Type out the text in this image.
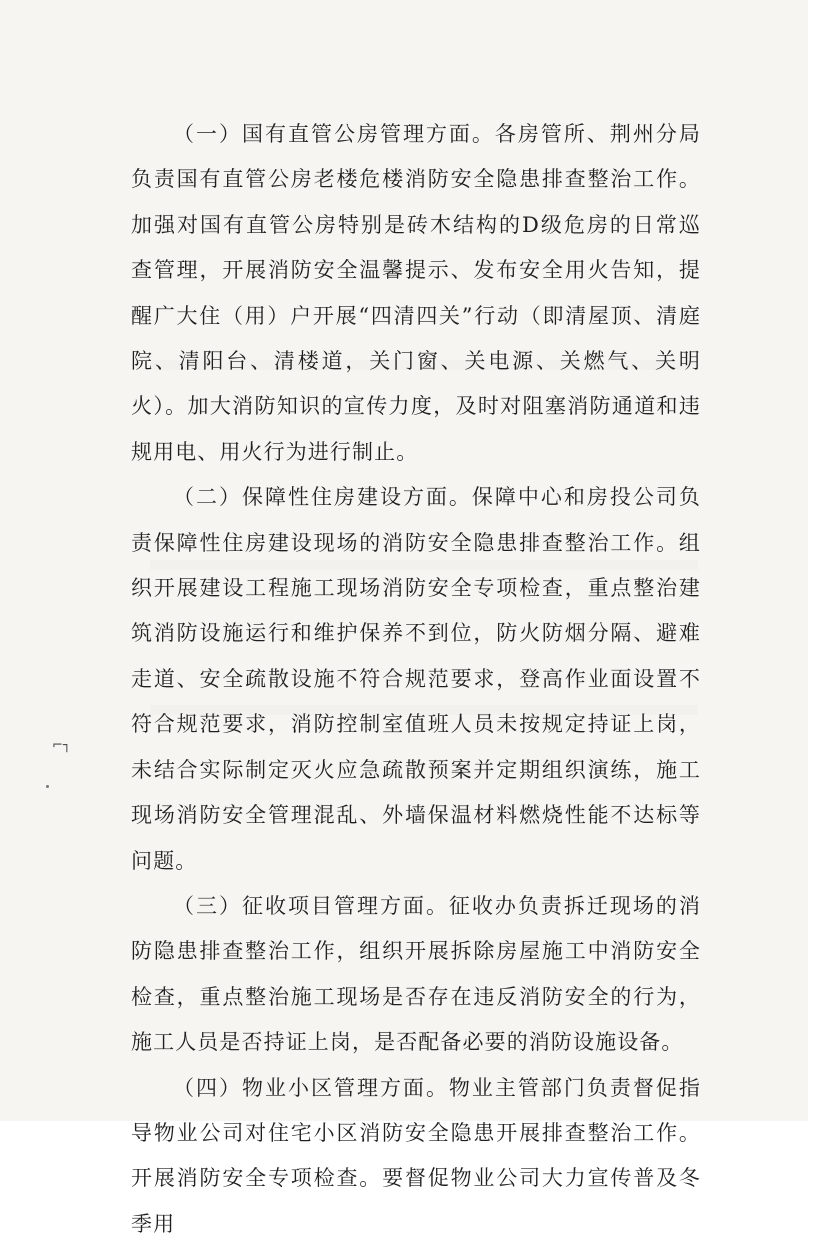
（一）国有直管公房管理方面。各房管所、荆州分局负责国有直管公房老楼危楼消防安全隐患排查整治工作。加强对国有直管公房特别是砖木结构的D级危房的日常巡查管理，开展消防安全温馨提示、发布安全用火告知，提醒广大住（用）户开展“四清四关”行动（即清屋顶、清庭院、清阳台、清楼道，关门窗、关电源、关燃气、关明火）。加大消防知识的宣传力度，及时对阻塞消防通道和违规用电、用火行为进行制止。

（二）保障性住房建设方面。保障中心和房投公司负责保障性住房建设现场的消防安全隐患排查整治工作。组织开展建设工程施工现场消防安全专项检查，重点整治建筑消防设施运行和维护保养不到位，防火防烟分隔、避难走道、安全疏散设施不符合规范要求，登高作业面设置不符合规范要求，消防控制室值班人员未按规定持证上岗，未结合实际制定灭火应急疏散预案并定期组织演练，施工现场消防安全管理混乱、外墙保温材料燃烧性能不达标等问题。

（三）征收项目管理方面。征收办负责拆迁现场的消防隐患排查整治工作，组织开展拆除房屋施工中消防安全检查，重点整治施工现场是否存在违反消防安全的行为，施工人员是否持证上岗，是否配备必要的消防设施设备。

（四）物业小区管理方面。物业主管部门负责督促指导物业公司对住宅小区消防安全隐患开展排查整治工作。开展消防安全专项检查。要督促物业公司大力宣传普及冬季用

⌐┐
